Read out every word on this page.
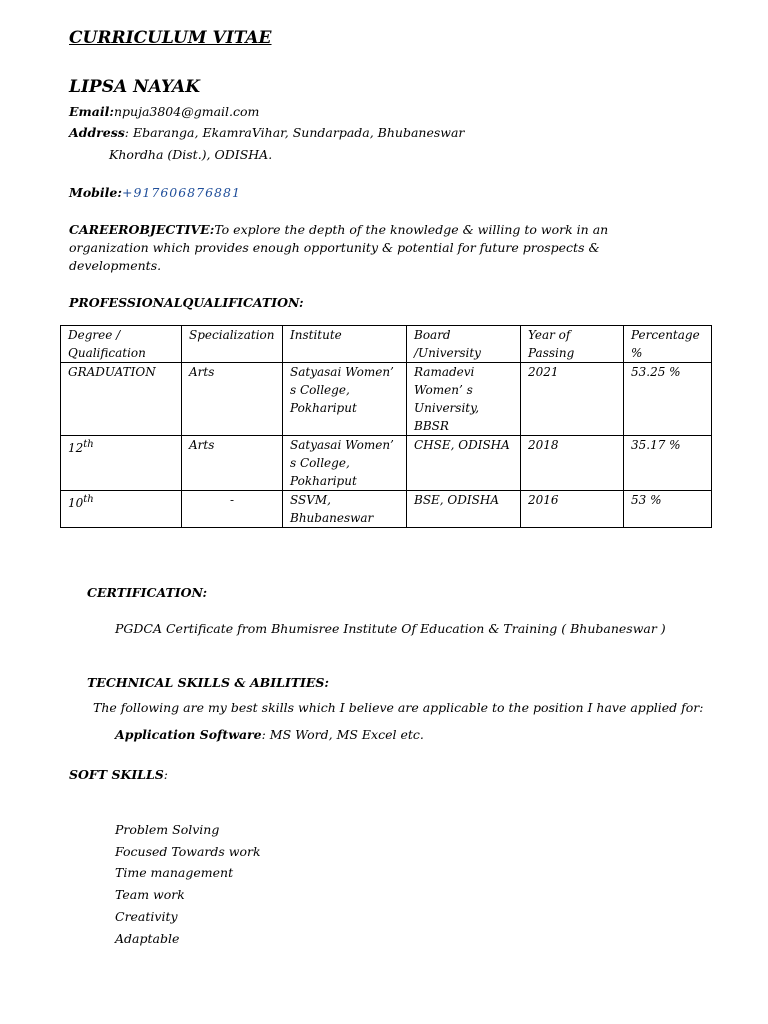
CURRICULUM VITAE
LIPSA NAYAK
Email:npuja3804@gmail.com
Address: Ebaranga, EkamraVihar, Sundarpada, Bhubaneswar
Khordha (Dist.), ODISHA.
Mobile:+917606876881
CAREEROBJECTIVE:To explore the depth of the knowledge & willing to work in an organization which provides enough opportunity & potential for future prospects & developments.
PROFESSIONALQUALIFICATION:
Degree / Qualification	Specialization	Institute	Board /University	Year of Passing	Percentage %
GRADUATION	Arts	Satyasai Women’ s College, Pokhariput	Ramadevi Women’ s University, BBSR	2021	53.25 %
12th	Arts	Satyasai Women’ s College, Pokhariput	CHSE, ODISHA	2018	35.17 %
10th	-	SSVM, Bhubaneswar	BSE, ODISHA	2016	53 %
CERTIFICATION:
PGDCA Certificate from Bhumisree Institute Of Education & Training ( Bhubaneswar )
TECHNICAL SKILLS & ABILITIES:
The following are my best skills which I believe are applicable to the position I have applied for:
Application Software: MS Word, MS Excel etc.
SOFT SKILLS:
Problem Solving
Focused Towards work
Time management
Team work
Creativity
Adaptable
